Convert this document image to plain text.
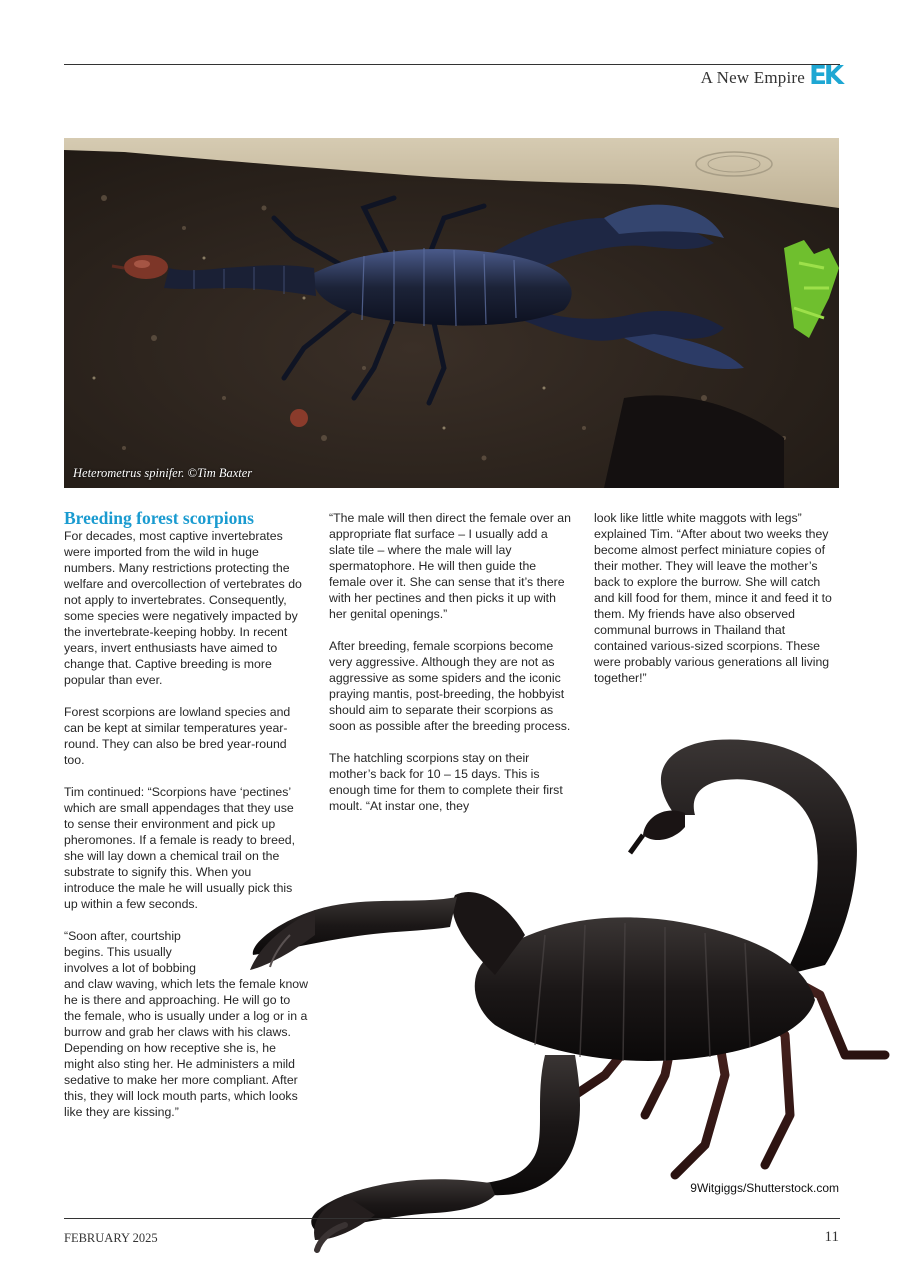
A New Empire EK
Heterometrus spinifer. ©Tim Baxter
Breeding forest scorpions

For decades, most captive invertebrates were imported from the wild in huge numbers. Many restrictions protecting the welfare and overcollection of vertebrates do not apply to invertebrates. Consequently, some species were negatively impacted by the invertebrate-keeping hobby. In recent years, invert enthusiasts have aimed to change that. Captive breeding is more popular than ever.

Forest scorpions are lowland species and can be kept at similar temperatures year-round. They can also be bred year-round too.

Tim continued: “Scorpions have ‘pectines’ which are small appendages that they use to sense their environment and pick up pheromones. If a female is ready to breed, she will lay down a chemical trail on the substrate to signify this. When you introduce the male he will usually pick this up within a few seconds.

“Soon after, courtship begins. This usually involves a lot of bobbing
and claw waving, which lets the female know he is there and approaching. He will go to the female, who is usually under a log or in a burrow and grab her claws with his claws. Depending on how receptive she is, he might also sting her. He administers a mild sedative to make her more compliant. After this, they will lock mouth parts, which looks like they are kissing.”

“The male will then direct the female over an appropriate flat surface – I usually add a slate tile – where the male will lay spermatophore. He will then guide the female over it. She can sense that it’s there with her pectines and then picks it up with her genital openings.”

After breeding, female scorpions become very aggressive. Although they are not as aggressive as some spiders and the iconic praying mantis, post-breeding, the hobbyist should aim to separate their scorpions as soon as possible after the breeding process.

The hatchling scorpions stay on their mother’s back for 10 – 15 days. This is enough time for them to complete their first moult. “At instar one, they

look like little white maggots with legs” explained Tim. “After about two weeks they become almost perfect miniature copies of their mother. They will leave the mother’s back to explore the burrow. She will catch and kill food for them, mince it and feed it to them. My friends have also observed communal burrows in Thailand that contained various-sized scorpions. These were probably various generations all living together!”

9Witgiggs/Shutterstock.com
FEBRUARY 2025	11
